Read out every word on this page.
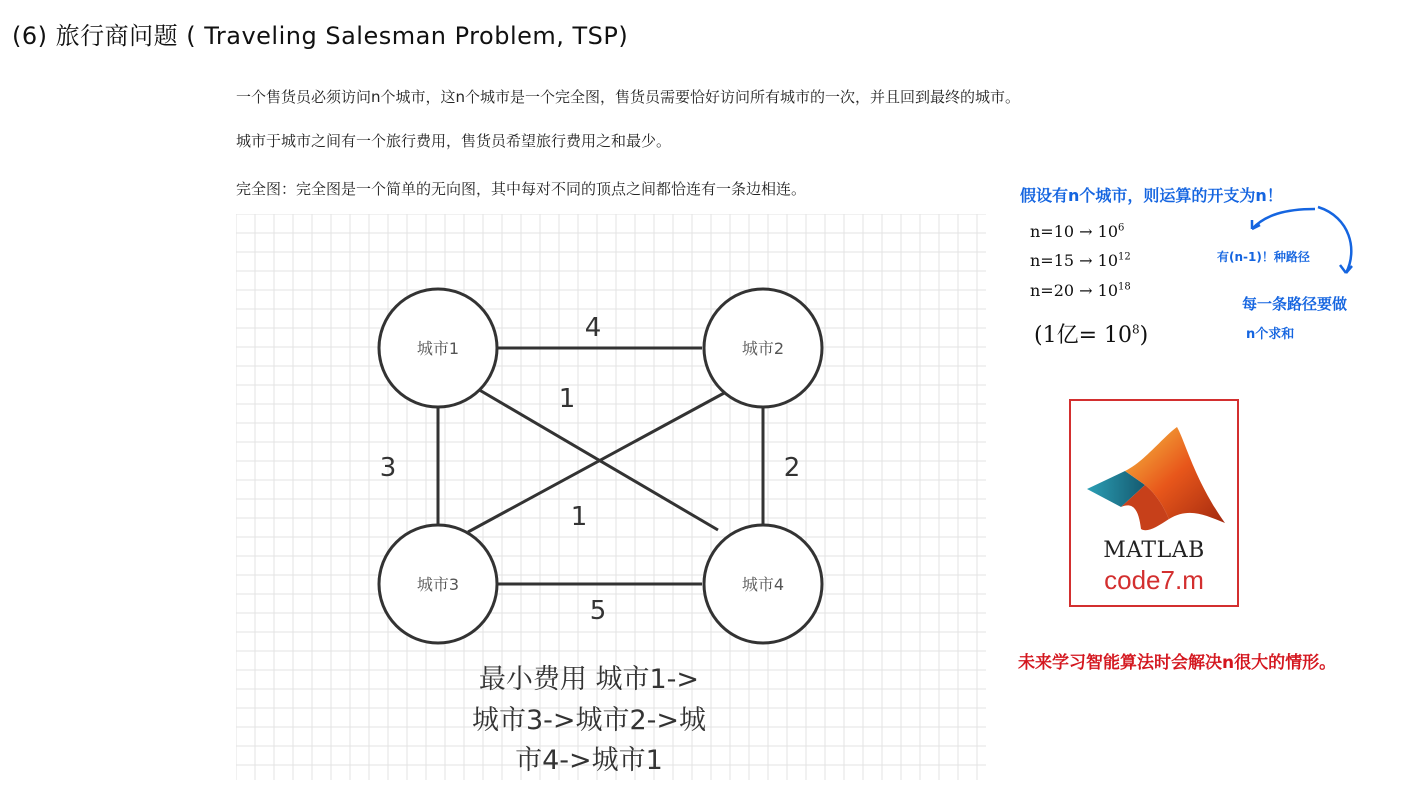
(6) 旅行商问题 ( Traveling Salesman Problem, TSP)
一个售货员必须访问n个城市，这n个城市是一个完全图，售货员需要恰好访问所有城市的一次，并且回到最终的城市。
城市于城市之间有一个旅行费用，售货员希望旅行费用之和最少。
完全图：完全图是一个简单的无向图，其中每对不同的顶点之间都恰连有一条边相连。
4
1
3	2
1
5
城市1	城市2
城市3	城市4
最小费用 城市1->
城市3->城市2->城
市4->城市1
假设有n个城市，则运算的开支为n！
$n=10 \to 10^6$
$n=15 \to 10^{12}$
$n=20 \to 10^{18}$
(1亿= $10^8$)
有(n-1)！种路径
每一条路径要做
n个求和
MATLAB
code7.m
未来学习智能算法时会解决n很大的情形。
